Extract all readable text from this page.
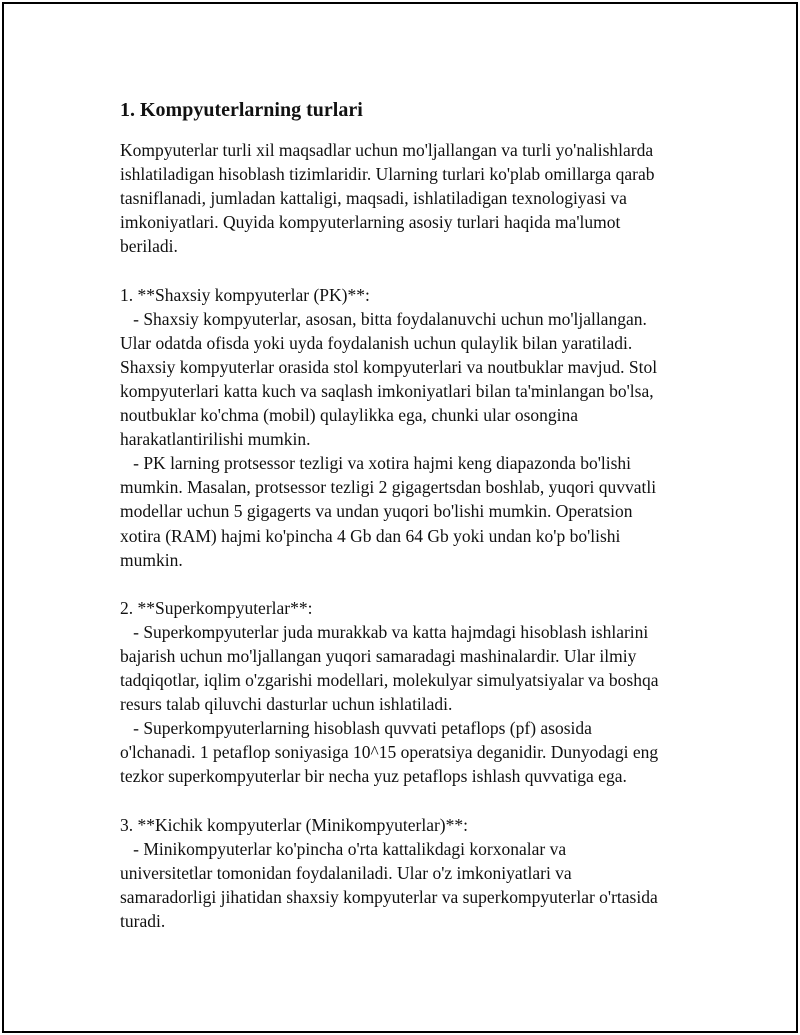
1. Kompyuterlarning turlari
Kompyuterlar turli xil maqsadlar uchun mo'ljallangan va turli yo'nalishlarda
ishlatiladigan hisoblash tizimlaridir. Ularning turlari ko'plab omillarga qarab
tasniflanadi, jumladan kattaligi, maqsadi, ishlatiladigan texnologiyasi va
imkoniyatlari. Quyida kompyuterlarning asosiy turlari haqida ma'lumot
beriladi.
1. **Shaxsiy kompyuterlar (PK)**:
- Shaxsiy kompyuterlar, asosan, bitta foydalanuvchi uchun mo'ljallangan.
Ular odatda ofisda yoki uyda foydalanish uchun qulaylik bilan yaratiladi.
Shaxsiy kompyuterlar orasida stol kompyuterlari va noutbuklar mavjud. Stol
kompyuterlari katta kuch va saqlash imkoniyatlari bilan ta'minlangan bo'lsa,
noutbuklar ko'chma (mobil) qulaylikka ega, chunki ular osongina
harakatlantirilishi mumkin.
- PK larning protsessor tezligi va xotira hajmi keng diapazonda bo'lishi
mumkin. Masalan, protsessor tezligi 2 gigagertsdan boshlab, yuqori quvvatli
modellar uchun 5 gigagerts va undan yuqori bo'lishi mumkin. Operatsion
xotira (RAM) hajmi ko'pincha 4 Gb dan 64 Gb yoki undan ko'p bo'lishi
mumkin.
2. **Superkompyuterlar**:
- Superkompyuterlar juda murakkab va katta hajmdagi hisoblash ishlarini
bajarish uchun mo'ljallangan yuqori samaradagi mashinalardir. Ular ilmiy
tadqiqotlar, iqlim o'zgarishi modellari, molekulyar simulyatsiyalar va boshqa
resurs talab qiluvchi dasturlar uchun ishlatiladi.
- Superkompyuterlarning hisoblash quvvati petaflops (pf) asosida
o'lchanadi. 1 petaflop soniyasiga 10^15 operatsiya deganidir. Dunyodagi eng
tezkor superkompyuterlar bir necha yuz petaflops ishlash quvvatiga ega.
3. **Kichik kompyuterlar (Minikompyuterlar)**:
- Minikompyuterlar ko'pincha o'rta kattalikdagi korxonalar va
universitetlar tomonidan foydalaniladi. Ular o'z imkoniyatlari va
samaradorligi jihatidan shaxsiy kompyuterlar va superkompyuterlar o'rtasida
turadi.
